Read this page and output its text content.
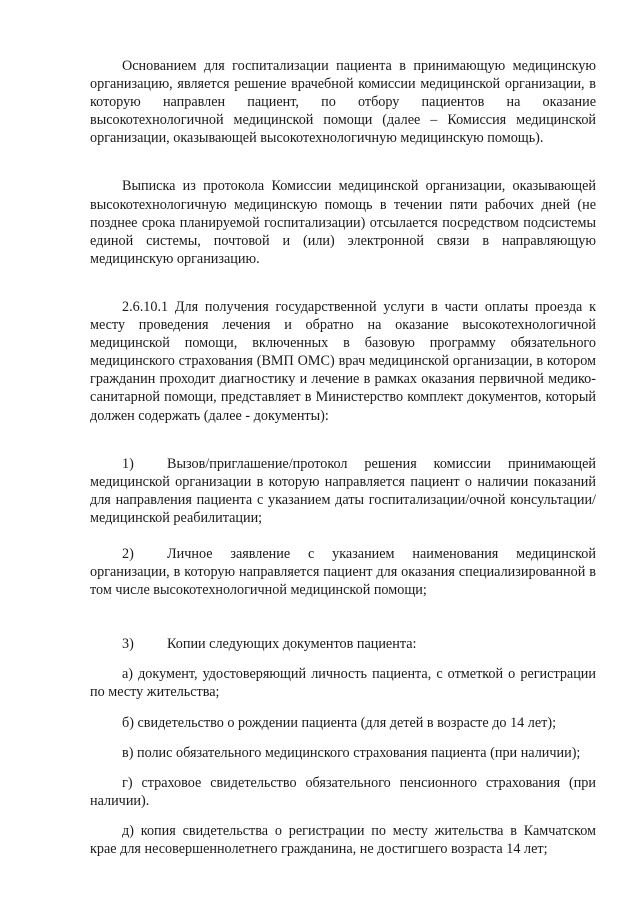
Основанием для госпитализации пациента в принимающую медицинскую организацию, является решение врачебной комиссии медицинской организации, в которую направлен пациент, по отбору пациентов на оказание высокотехнологичной медицинской помощи (далее – Комиссия медицинской организации, оказывающей высокотехнологичную медицинскую помощь).

Выписка из протокола Комиссии медицинской организации, оказывающей высокотехнологичную медицинскую помощь в течении пяти рабочих дней (не позднее срока планируемой госпитализации) отсылается посредством подсистемы единой системы, почтовой и (или) электронной связи в направляющую медицинскую организацию.

2.6.10.1 Для получения государственной услуги в части оплаты проезда к месту проведения лечения и обратно на оказание высокотехнологичной медицинской помощи, включенных в базовую программу обязательного медицинского страхования (ВМП ОМС) врач медицинской организации, в котором гражданин проходит диагностику и лечение в рамках оказания первичной медико-санитарной помощи, представляет в Министерство комплект документов, который должен содержать (далее - документы):

1) Вызов/приглашение/протокол решения комиссии принимающей медицинской организации в которую направляется пациент о наличии показаний для направления пациента с указанием даты госпитализации/очной консультации/медицинской реабилитации;

2) Личное заявление с указанием наименования медицинской организации, в которую направляется пациент для оказания специализированной в том числе высокотехнологичной медицинской помощи;

3) Копии следующих документов пациента:

а) документ, удостоверяющий личность пациента, с отметкой о регистрации по месту жительства;

б) свидетельство о рождении пациента (для детей в возрасте до 14 лет);

в) полис обязательного медицинского страхования пациента (при наличии);

г) страховое свидетельство обязательного пенсионного страхования (при наличии).

д) копия свидетельства о регистрации по месту жительства в Камчатском крае для несовершеннолетнего гражданина, не достигшего возраста 14 лет;
